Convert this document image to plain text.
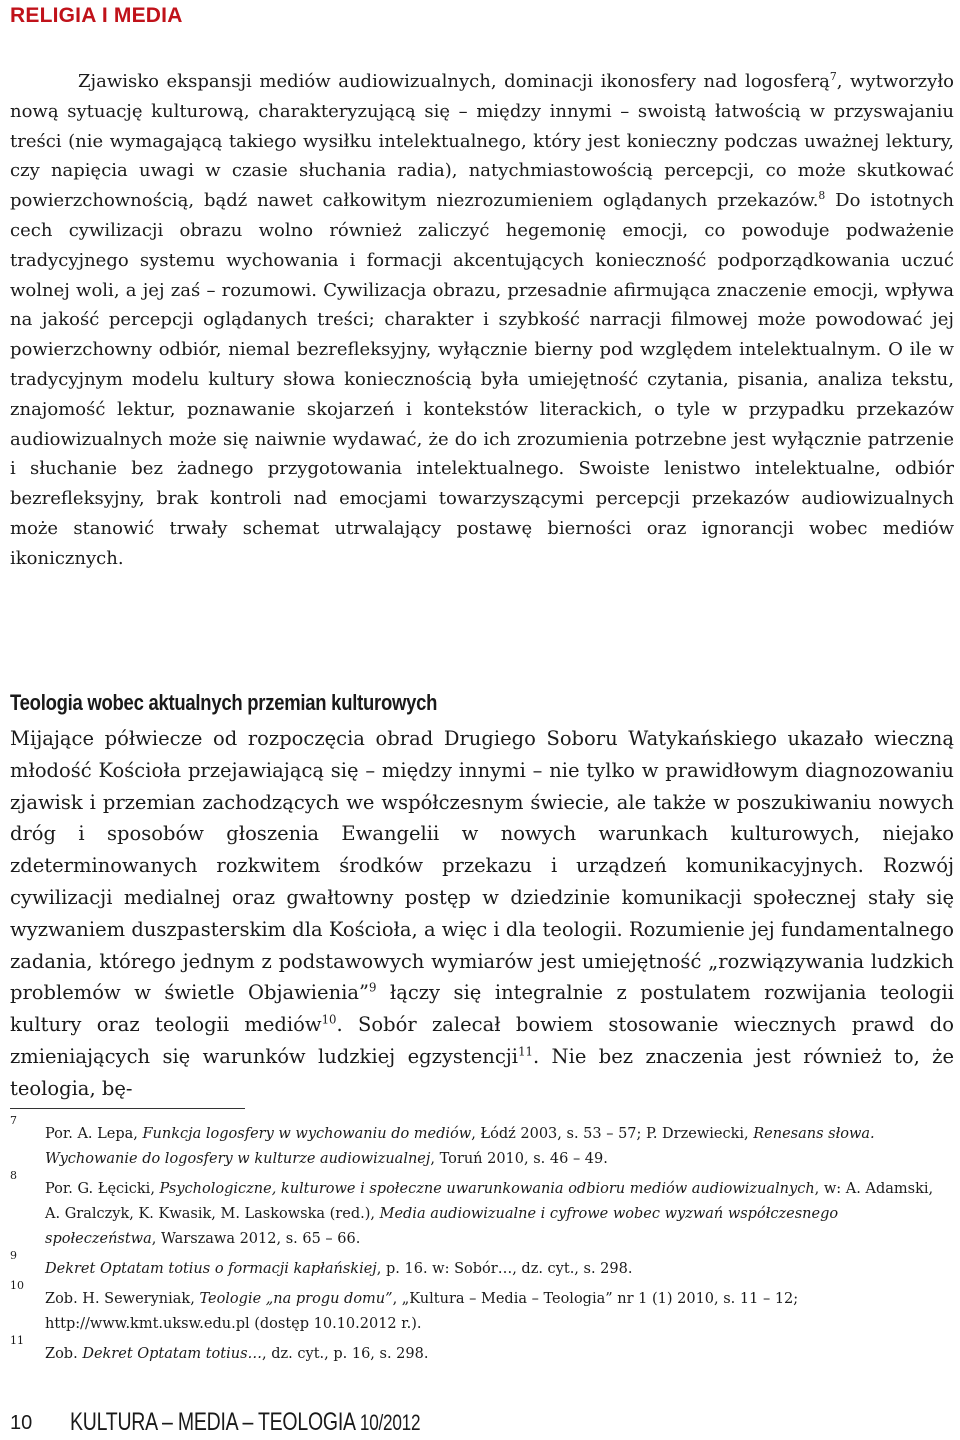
RELIGIA I MEDIA

Zjawisko ekspansji mediów audiowizualnych, dominacji ikonosfery nad logosferą$^7$, wytworzyło nową sytuację kulturową, charakteryzującą się – między innymi – swoistą łatwością w przyswajaniu treści (nie wymagającą takiego wysiłku intelektualnego, który jest konieczny podczas uważnej lektury, czy napięcia uwagi w czasie słuchania radia), natychmiastowością percepcji, co może skutkować powierzchownością, bądź nawet całkowitym niezrozumieniem oglądanych przekazów.$^8$ Do istotnych cech cywilizacji obrazu wolno również zaliczyć hegemonię emocji, co powoduje podważenie tradycyjnego systemu wychowania i formacji akcentujących konieczność podporządkowania uczuć wolnej woli, a jej zaś – rozumowi. Cywilizacja obrazu, przesadnie afirmująca znaczenie emocji, wpływa na jakość percepcji oglądanych treści; charakter i szybkość narracji filmowej może powodować jej powierzchowny odbiór, niemal bezrefleksyjny, wyłącznie bierny pod względem intelektualnym. O ile w tradycyjnym modelu kultury słowa koniecznością była umiejętność czytania, pisania, analiza tekstu, znajomość lektur, poznawanie skojarzeń i kontekstów literackich, o tyle w przypadku przekazów audiowizualnych może się naiwnie wydawać, że do ich zrozumienia potrzebne jest wyłącznie patrzenie i słuchanie bez żadnego przygotowania intelektualnego. Swoiste lenistwo intelektualne, odbiór bezrefleksyjny, brak kontroli nad emocjami towarzyszącymi percepcji przekazów audiowizualnych może stanowić trwały schemat utrwalający postawę bierności oraz ignorancji wobec mediów ikonicznych.

Teologia wobec aktualnych przemian kulturowych

Mijające półwiecze od rozpoczęcia obrad Drugiego Soboru Watykańskiego ukazało wieczną młodość Kościoła przejawiającą się – między innymi – nie tylko w prawidłowym diagnozowaniu zjawisk i przemian zachodzących we współczesnym świecie, ale także w poszukiwaniu nowych dróg i sposobów głoszenia Ewangelii w nowych warunkach kulturowych, niejako zdeterminowanych rozkwitem środków przekazu i urządzeń komunikacyjnych. Rozwój cywilizacji medialnej oraz gwałtowny postęp w dziedzinie komunikacji społecznej stały się wyzwaniem duszpasterskim dla Kościoła, a więc i dla teologii. Rozumienie jej fundamentalnego zadania, którego jednym z podstawowych wymiarów jest umiejętność „rozwiązywania ludzkich problemów w świetle Objawienia”$^9$ łączy się integralnie z postulatem rozwijania teologii kultury oraz teologii mediów$^{10}$. Sobór zalecał bowiem stosowanie wiecznych prawd do zmieniających się warunków ludzkiej egzystencji$^{11}$. Nie bez znaczenia jest również to, że teologia, bę-

7
Por. A. Lepa, Funkcja logosfery w wychowaniu do mediów, Łódź 2003, s. 53 – 57; P. Drzewiecki, Renesans słowa. Wychowanie do logosfery w kulturze audiowizualnej, Toruń 2010, s. 46 – 49.
8
Por. G. Łęcicki, Psychologiczne, kulturowe i społeczne uwarunkowania odbioru mediów audiowizualnych, w: A. Adamski, A. Gralczyk, K. Kwasik, M. Laskowska (red.), Media audiowizualne i cyfrowe wobec wyzwań współczesnego społeczeństwa, Warszawa 2012, s. 65 – 66.
9
Dekret Optatam totius o formacji kapłańskiej, p. 16. w: Sobór…, dz. cyt., s. 298.
10
Zob. H. Seweryniak, Teologie „na progu domu”, „Kultura – Media – Teologia” nr 1 (1) 2010, s. 11 – 12; http://www.kmt.uksw.edu.pl (dostęp 10.10.2012 r.).
11
Zob. Dekret Optatam totius…, dz. cyt., p. 16, s. 298.
10 KULTURA – MEDIA – TEOLOGIA 10/2012
